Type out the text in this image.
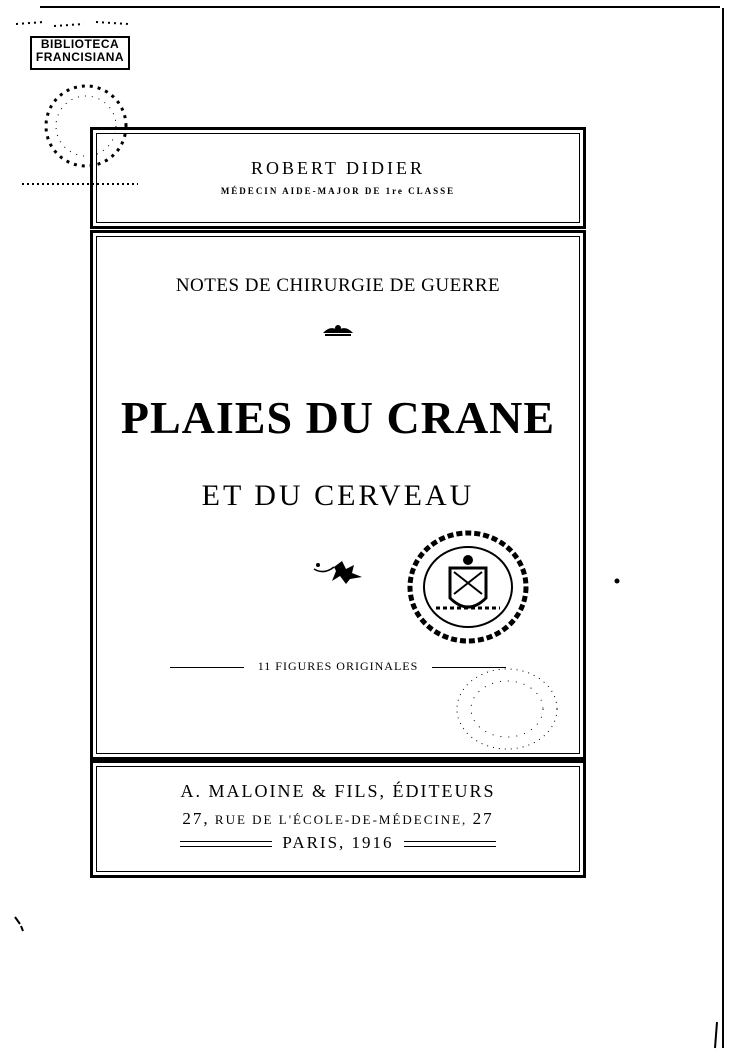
BIBLIOTECA
FRANCISIANA
ROBERT DIDIER
MÉDECIN AIDE-MAJOR DE 1re CLASSE
NOTES DE CHIRURGIE DE GUERRE
PLAIES DU CRANE
ET DU CERVEAU
11 FIGURES ORIGINALES
A. MALOINE & FILS, ÉDITEURS
27, RUE DE L'ÉCOLE-DE-MÉDECINE, 27
PARIS, 1916
